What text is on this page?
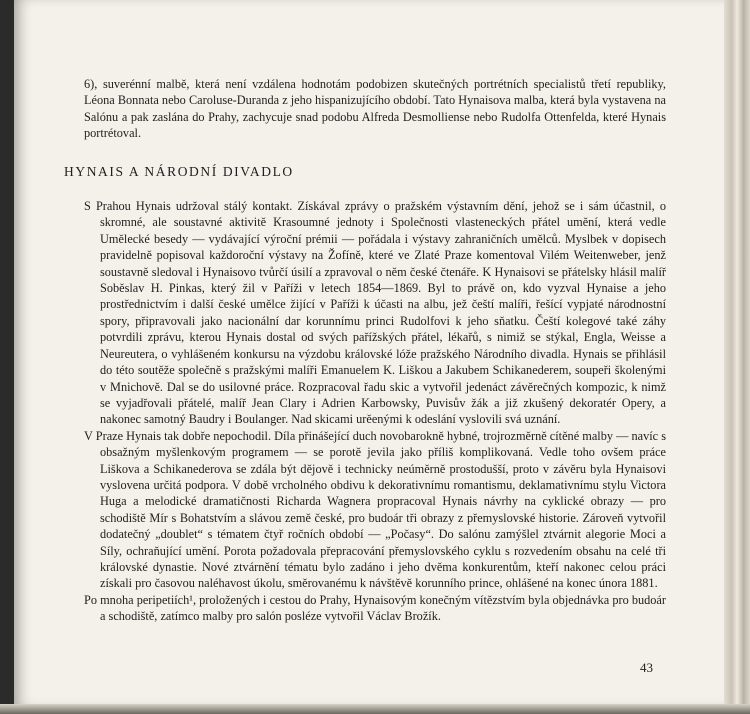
6), suverénní malbě, která není vzdálena hodnotám podobizen skutečných portrétních specialistů třetí republiky, Léona Bonnata nebo Caroluse-Duranda z jeho hispanizujícího období. Tato Hynaisova malba, která byla vystavena na Salónu a pak zaslána do Prahy, zachycuje snad podobu Alfreda Desmolliense nebo Rudolfa Ottenfelda, které Hynais portrétoval.

HYNAIS A NÁRODNÍ DIVADLO

S Prahou Hynais udržoval stálý kontakt. Získával zprávy o pražském výstavním dění, jehož se i sám účastnil, o skromné, ale soustavné aktivitě Krasoumné jednoty i Společnosti vlasteneckých přátel umění, která vedle Umělecké besedy — vydávající výroční prémii — pořádala i výstavy zahraničních umělců. Myslbek v dopisech pravidelně popisoval každoroční výstavy na Žofíně, které ve Zlaté Praze komentoval Vilém Weitenweber, jenž soustavně sledoval i Hynaisovo tvůrčí úsilí a zpravoval o něm české čtenáře. K Hynaisovi se přátelsky hlásil malíř Soběslav H. Pinkas, který žil v Paříži v letech 1854—1869. Byl to právě on, kdo vyzval Hynaise a jeho prostřednictvím i další české umělce žijící v Paříži k účasti na albu, jež čeští malíři, řešící vypjaté národnostní spory, připravovali jako nacionální dar korunnímu princi Rudolfovi k jeho sňatku. Čeští kolegové také záhy potvrdili zprávu, kterou Hynais dostal od svých pařížských přátel, lékařů, s nimiž se stýkal, Engla, Weisse a Neureutera, o vyhlášeném konkursu na výzdobu královské lóže pražského Národního divadla. Hynais se přihlásil do této soutěže společně s pražskými malíři Emanuelem K. Liškou a Jakubem Schikanederem, soupeři školenými v Mnichově. Dal se do usilovné práce. Rozpracoval řadu skic a vytvořil jedenáct závěrečných kompozic, k nimž se vyjadřovali přátelé, malíř Jean Clary i Adrien Karbowsky, Puvisův žák a již zkušený dekoratér Opery, a nakonec samotný Baudry i Boulanger. Nad skicami urěenými k odeslání vyslovili svá uznání.

V Praze Hynais tak dobře nepochodil. Díla přinášející duch novobarokně hybné, trojrozměrně cítěné malby — navíc s obsažným myšlenkovým programem — se porotě jevila jako příliš komplikovaná. Vedle toho ovšem práce Liškova a Schikanederova se zdála být dějově i technicky neúměrně prostodušší, proto v závěru byla Hynaisovi vyslovena určitá podpora. V době vrcholného obdivu k dekorativnímu romantismu, deklamativnímu stylu Victora Huga a melodické dramatičnosti Richarda Wagnera propracoval Hynais návrhy na cyklické obrazy — pro schodiště Mír s Bohatstvím a slávou země české, pro budoár tři obrazy z přemyslovské historie. Zároveň vytvořil dodatečný „doublet“ s tématem čtyř ročních období — „Počasy“. Do salónu zamýšlel ztvárnit alegorie Moci a Síly, ochraňující umění. Porota požadovala přepracování přemyslovského cyklu s rozvedením obsahu na celé tři královské dynastie. Nové ztvárnění tématu bylo zadáno i jeho dvěma konkurentům, kteří nakonec celou práci získali pro časovou naléhavost úkolu, směrovanému k návštěvě korunního prince, ohlášené na konec února 1881.

Po mnoha peripetiích¹, proložených i cestou do Prahy, Hynaisovým konečným vítězstvím byla objednávka pro budoár a schodiště, zatímco malby pro salón posléze vytvořil Václav Brožík.

43
